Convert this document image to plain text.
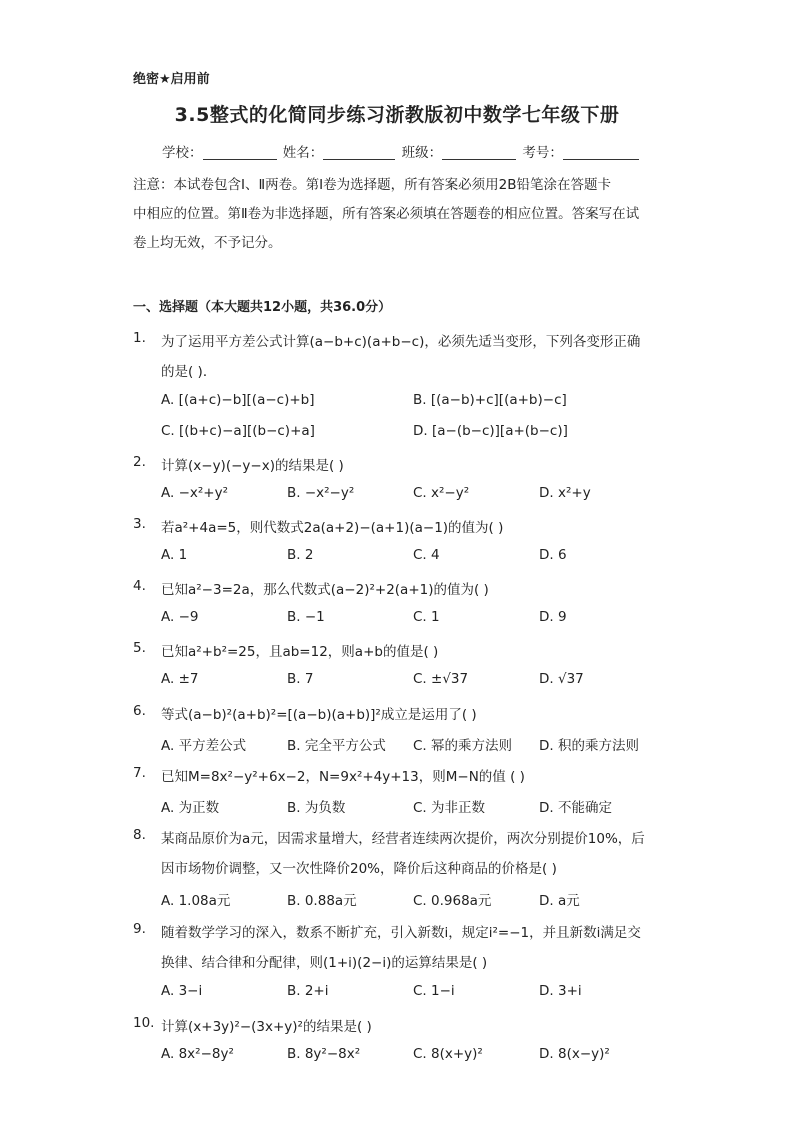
绝密★启用前
3.5整式的化简同步练习浙教版初中数学七年级下册
学校：	姓名：	班级：	考号：
注意：本试卷包含Ⅰ、Ⅱ两卷。第Ⅰ卷为选择题，所有答案必须用2B铅笔涂在答题卡
中相应的位置。第Ⅱ卷为非选择题，所有答案必须填在答题卷的相应位置。答案写在试
卷上均无效，不予记分。
一、选择题（本大题共12小题，共36.0分）
1. 为了运用平方差公式计算(a−b+c)(a+b−c)，必须先适当变形，下列各变形正确
的是( )．
A. [(a+c)−b][(a−c)+b]	B. [(a−b)+c][(a+b)−c]
C. [(b+c)−a][(b−c)+a]	D. [a−(b−c)][a+(b−c)]
2. 计算(x−y)(−y−x)的结果是( )
A. −x²+y²	B. −x²−y²	C. x²−y²	D. x²+y
3. 若a²+4a=5，则代数式2a(a+2)−(a+1)(a−1)的值为( )
A. 1	B. 2	C. 4	D. 6
4. 已知a²−3=2a，那么代数式(a−2)²+2(a+1)的值为( )
A. −9	B. −1	C. 1	D. 9
5. 已知a²+b²=25，且ab=12，则a+b的值是( )
A. ±7	B. 7	C. ±√37	D. √37
6. 等式(a−b)²(a+b)²=[(a−b)(a+b)]²成立是运用了( )
A. 平方差公式	B. 完全平方公式 C. 幂的乘方法则 D. 积的乘方法则
7. 已知M=8x²−y²+6x−2，N=9x²+4y+13，则M−N的值 ( )
A. 为正数	B. 为负数	C. 为非正数	D. 不能确定
8. 某商品原价为a元，因需求量增大，经营者连续两次提价，两次分别提价10%，后
因市场物价调整，又一次性降价20%，降价后这种商品的价格是( )
A. 1.08a元	B. 0.88a元	C. 0.968a元	D. a元
9. 随着数学学习的深入，数系不断扩充，引入新数i，规定i²=−1，并且新数i满足交
换律、结合律和分配律，则(1+i)(2−i)的运算结果是( )
A. 3−i	B. 2+i	C. 1−i	D. 3+i
10. 计算(x+3y)²−(3x+y)²的结果是( )
A. 8x²−8y²	B. 8y²−8x²	C. 8(x+y)²	D. 8(x−y)²
